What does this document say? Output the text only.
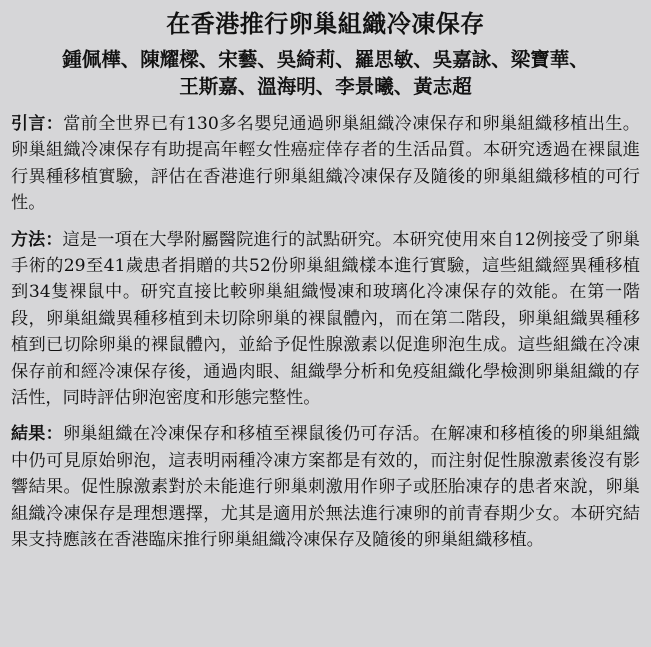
在香港推行卵巢組織冷凍保存
鍾佩樺、陳耀樑、宋藝、吳綺莉、羅思敏、吳嘉詠、梁寶華、
王斯嘉、溫海明、李景曦、黃志超

引言：當前全世界已有130多名嬰兒通過卵巢組織冷凍保存和卵巢組織移植出生。卵巢組織冷凍保存有助提高年輕女性癌症倖存者的生活品質。本研究透過在裸鼠進行異種移植實驗，評估在香港進行卵巢組織冷凍保存及隨後的卵巢組織移植的可行性。

方法：這是一項在大學附屬醫院進行的試點研究。本研究使用來自12例接受了卵巢手術的29至41歲患者捐贈的共52份卵巢組織樣本進行實驗，這些組織經異種移植到34隻裸鼠中。研究直接比較卵巢組織慢凍和玻璃化冷凍保存的效能。在第一階段，卵巢組織異種移植到未切除卵巢的裸鼠體內，而在第二階段，卵巢組織異種移植到已切除卵巢的裸鼠體內，並給予促性腺激素以促進卵泡生成。這些組織在冷凍保存前和經冷凍保存後，通過肉眼、組織學分析和免疫組織化學檢測卵巢組織的存活性，同時評估卵泡密度和形態完整性。

結果：卵巢組織在冷凍保存和移植至裸鼠後仍可存活。在解凍和移植後的卵巢組織中仍可見原始卵泡，這表明兩種冷凍方案都是有效的，而注射促性腺激素後沒有影響結果。促性腺激素對於未能進行卵巢刺激用作卵子或胚胎凍存的患者來說，卵巢組織冷凍保存是理想選擇，尤其是適用於無法進行凍卵的前青春期少女。本研究結果支持應該在香港臨床推行卵巢組織冷凍保存及隨後的卵巢組織移植。
